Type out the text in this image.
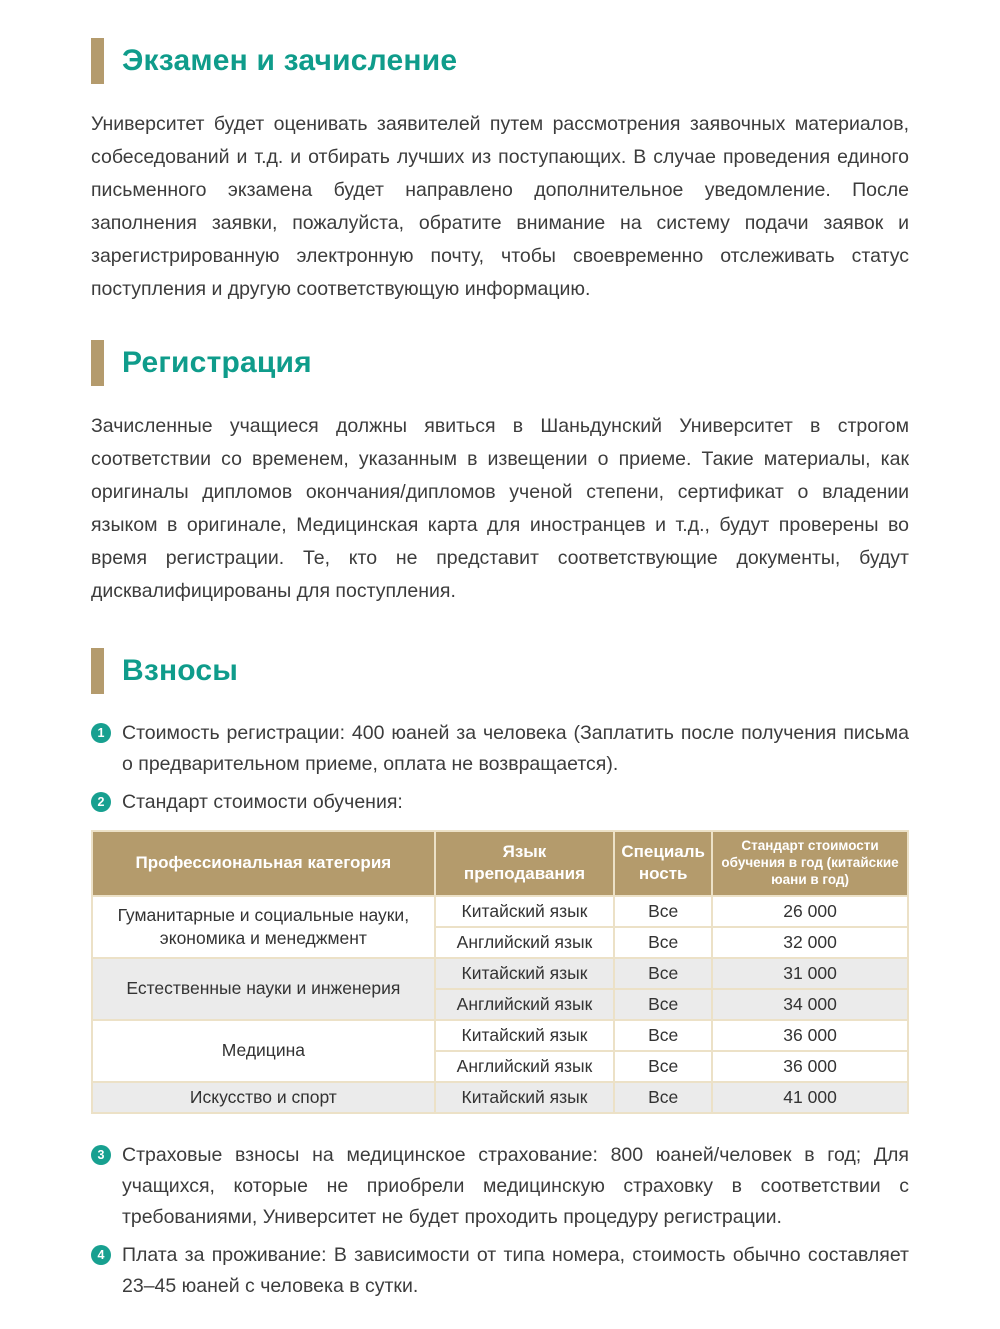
Экзамен и зачисление

Университет будет оценивать заявителей путем рассмотрения заявочных материалов, собеседований и т.д. и отбирать лучших из поступающих. В случае проведения единого письменного экзамена будет направлено дополнительное уведомление. После заполнения заявки, пожалуйста, обратите внимание на систему подачи заявок и зарегистрированную электронную почту, чтобы своевременно отслеживать статус поступления и другую соответствующую информацию.

Регистрация

Зачисленные учащиеся должны явиться в Шаньдунский Университет в строгом соответствии со временем, указанным в извещении о приеме. Такие материалы, как оригиналы дипломов окончания/дипломов ученой степени, сертификат о владении языком в оригинале, Медицинская карта для иностранцев и т.д., будут проверены во время регистрации. Те, кто не представит соответствующие документы, будут дисквалифицированы для поступления.

Взносы
1 Стоимость регистрации: 400 юаней за человека (Заплатить после получения письма о предварительном приеме, оплата не возвращается).
2 Стандарт стоимости обучения:
Профессиональная категория	Язык преподавания	Специальность	Стандарт стоимости обучения в год (китайские юани в год)
Гуманитарные и социальные науки, экономика и менеджмент	Китайский язык	Все	26 000
	Английский язык	Все	32 000
Естественные науки и инженерия	Китайский язык	Все	31 000
	Английский язык	Все	34 000
Медицина	Китайский язык	Все	36 000
	Английский язык	Все	36 000
Искусство и спорт	Китайский язык	Все	41 000
3 Страховые взносы на медицинское страхование: 800 юаней/человек в год; Для учащихся, которые не приобрели медицинскую страховку в соответствии с требованиями, Университет не будет проходить процедуру регистрации.
4 Плата за проживание: В зависимости от типа номера, стоимость обычно составляет 23–45 юаней с человека в сутки.
